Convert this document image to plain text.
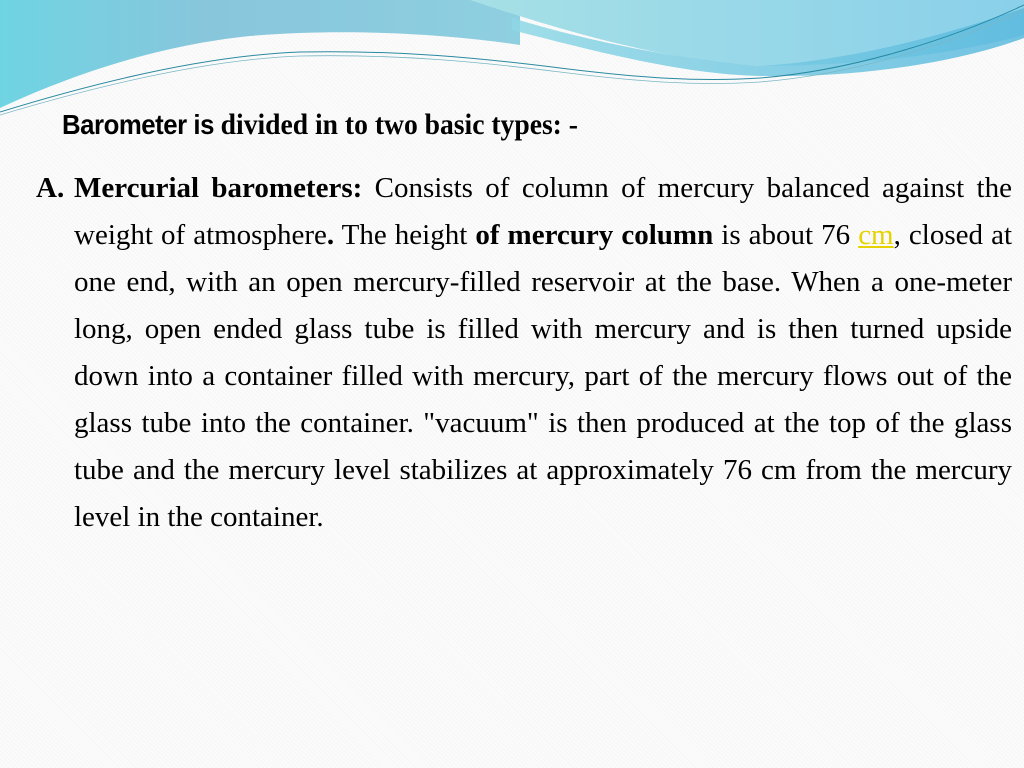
Barometer is divided in to two basic types: -
A. Mercurial barometers: Consists of column of mercury balanced against the weight of atmosphere. The height of mercury column is about 76 cm, closed at one end, with an open mercury-filled reservoir at the base. When a one-meter long, open ended glass tube is filled with mercury and is then turned upside down into a container filled with mercury, part of the mercury flows out of the glass tube into the container. "vacuum" is then produced at the top of the glass tube and the mercury level stabilizes at approximately 76 cm from the mercury level in the container.
